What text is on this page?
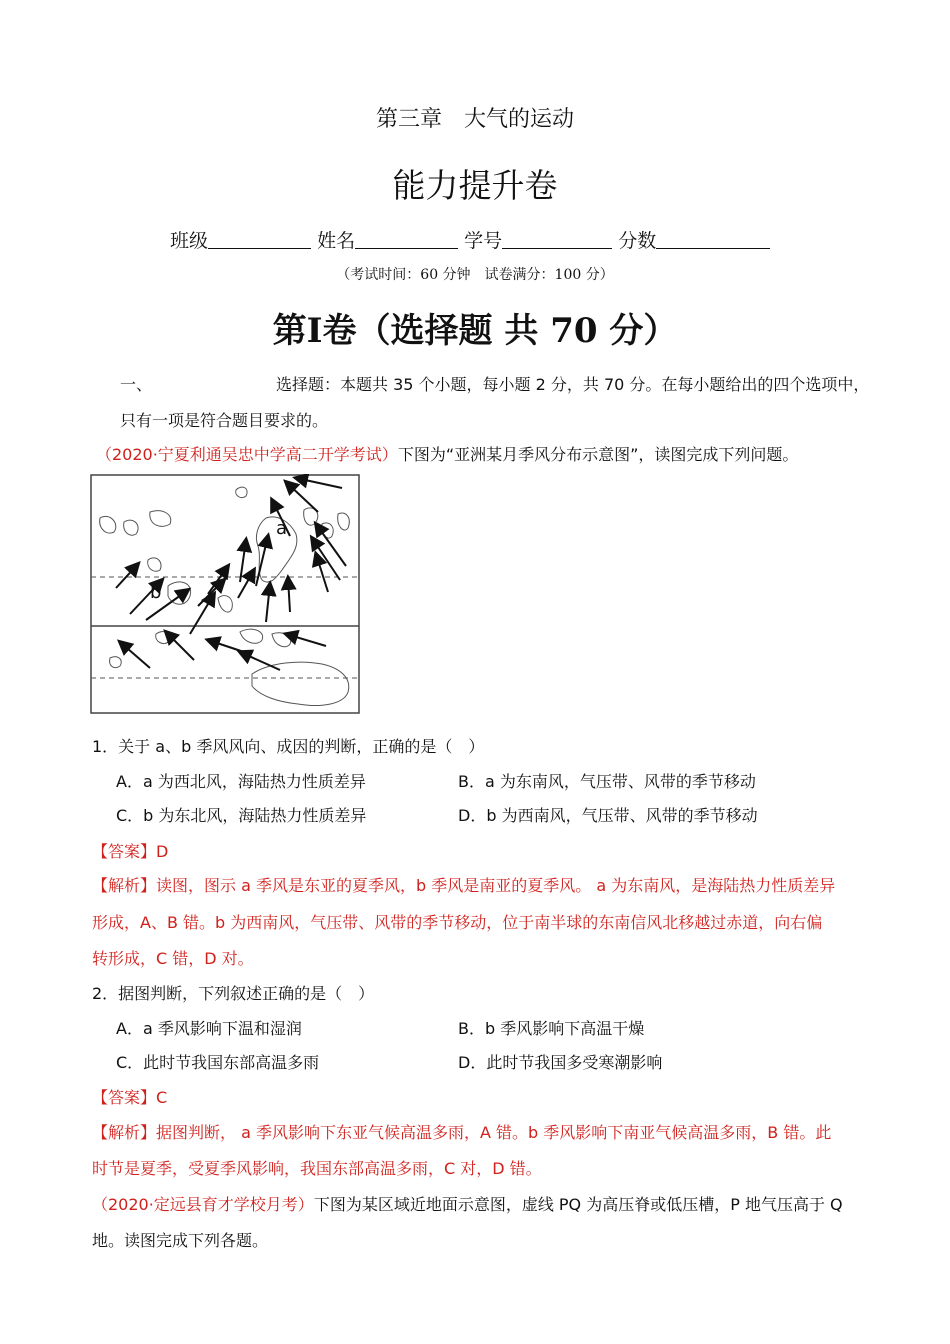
第三章　大气的运动
能力提升卷
班级	姓名	学号	分数
（考试时间：60 分钟　试卷满分：100 分）
第Ⅰ卷（选择题 共 70 分）
一、	选择题：本题共 35 个小题，每小题 2 分，共 70 分。在每小题给出的四个选项中，
只有一项是符合题目要求的。
（2020·宁夏利通吴忠中学高二开学考试）下图为“亚洲某月季风分布示意图”，读图完成下列问题。
a
b
1．关于 a、b 季风风向、成因的判断，正确的是（　）
A．a 为西北风，海陆热力性质差异	B．a 为东南风，气压带、风带的季节移动
C．b 为东北风，海陆热力性质差异	D．b 为西南风，气压带、风带的季节移动
【答案】D
【解析】读图，图示 a 季风是东亚的夏季风，b 季风是南亚的夏季风。 a 为东南风，是海陆热力性质差异
形成，A、B 错。b 为西南风，气压带、风带的季节移动，位于南半球的东南信风北移越过赤道，向右偏
转形成，C 错，D 对。
2．据图判断，下列叙述正确的是（　）
A．a 季风影响下温和湿润	B．b 季风影响下高温干燥
C．此时节我国东部高温多雨	D．此时节我国多受寒潮影响
【答案】C
【解析】据图判断， a 季风影响下东亚气候高温多雨，A 错。b 季风影响下南亚气候高温多雨，B 错。此
时节是夏季，受夏季风影响，我国东部高温多雨，C 对，D 错。
（2020·定远县育才学校月考）下图为某区域近地面示意图，虚线 PQ 为高压脊或低压槽，P 地气压高于 Q
地。读图完成下列各题。
